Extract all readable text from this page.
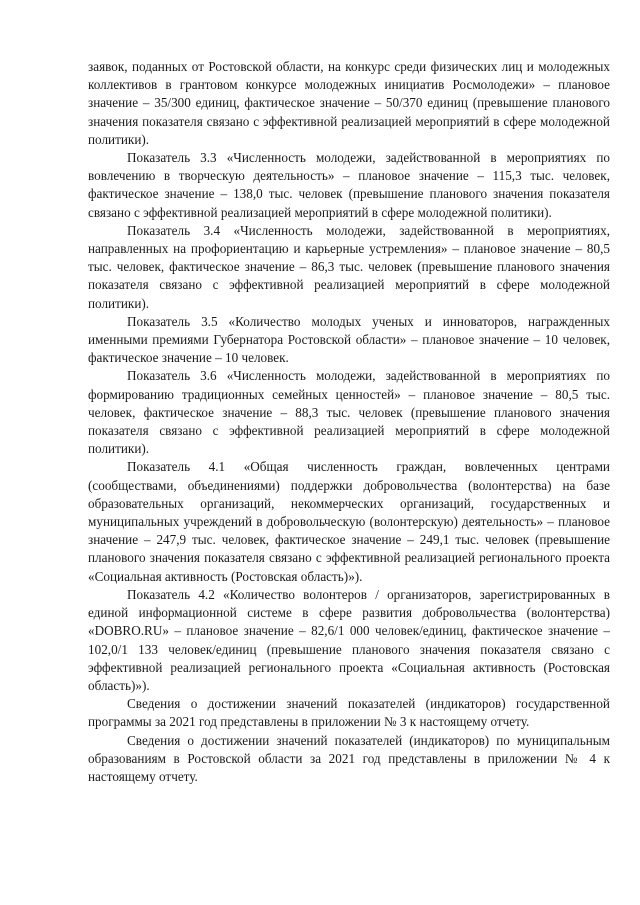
заявок, поданных от Ростовской области, на конкурс среди физических лиц и молодежных коллективов в грантовом конкурсе молодежных инициатив Росмолодежи» – плановое значение – 35/300 единиц, фактическое значение – 50/370 единиц (превышение планового значения показателя связано с эффективной реализацией мероприятий в сфере молодежной политики).

Показатель 3.3 «Численность молодежи, задействованной в мероприятиях по вовлечению в творческую деятельность» – плановое значение – 115,3 тыс. человек, фактическое значение – 138,0 тыс. человек (превышение планового значения показателя связано с эффективной реализацией мероприятий в сфере молодежной политики).

Показатель 3.4 «Численность молодежи, задействованной в мероприятиях, направленных на профориентацию и карьерные устремления» – плановое значение – 80,5 тыс. человек, фактическое значение – 86,3 тыс. человек (превышение планового значения показателя связано с эффективной реализацией мероприятий в сфере молодежной политики).

Показатель 3.5 «Количество молодых ученых и инноваторов, награжденных именными премиями Губернатора Ростовской области» – плановое значение – 10 человек, фактическое значение – 10 человек.

Показатель 3.6 «Численность молодежи, задействованной в мероприятиях по формированию традиционных семейных ценностей» – плановое значение – 80,5 тыс. человек, фактическое значение – 88,3 тыс. человек (превышение планового значения показателя связано с эффективной реализацией мероприятий в сфере молодежной политики).

Показатель 4.1 «Общая численность граждан, вовлеченных центрами (сообществами, объединениями) поддержки добровольчества (волонтерства) на базе образовательных организаций, некоммерческих организаций, государственных и муниципальных учреждений в добровольческую (волонтерскую) деятельность» – плановое значение – 247,9 тыс. человек, фактическое значение – 249,1 тыс. человек (превышение планового значения показателя связано с эффективной реализацией регионального проекта «Социальная активность (Ростовская область)»).

Показатель 4.2 «Количество волонтеров / организаторов, зарегистрированных в единой информационной системе в сфере развития добровольчества (волонтерства) «DOBRO.RU» – плановое значение – 82,6/1 000 человек/единиц, фактическое значение – 102,0/1 133 человек/единиц (превышение планового значения показателя связано с эффективной реализацией регионального проекта «Социальная активность (Ростовская область)»).

Сведения о достижении значений показателей (индикаторов) государственной программы за 2021 год представлены в приложении № 3 к настоящему отчету.

Сведения о достижении значений показателей (индикаторов) по муниципальным образованиям в Ростовской области за 2021 год представлены в приложении № 4 к настоящему отчету.
